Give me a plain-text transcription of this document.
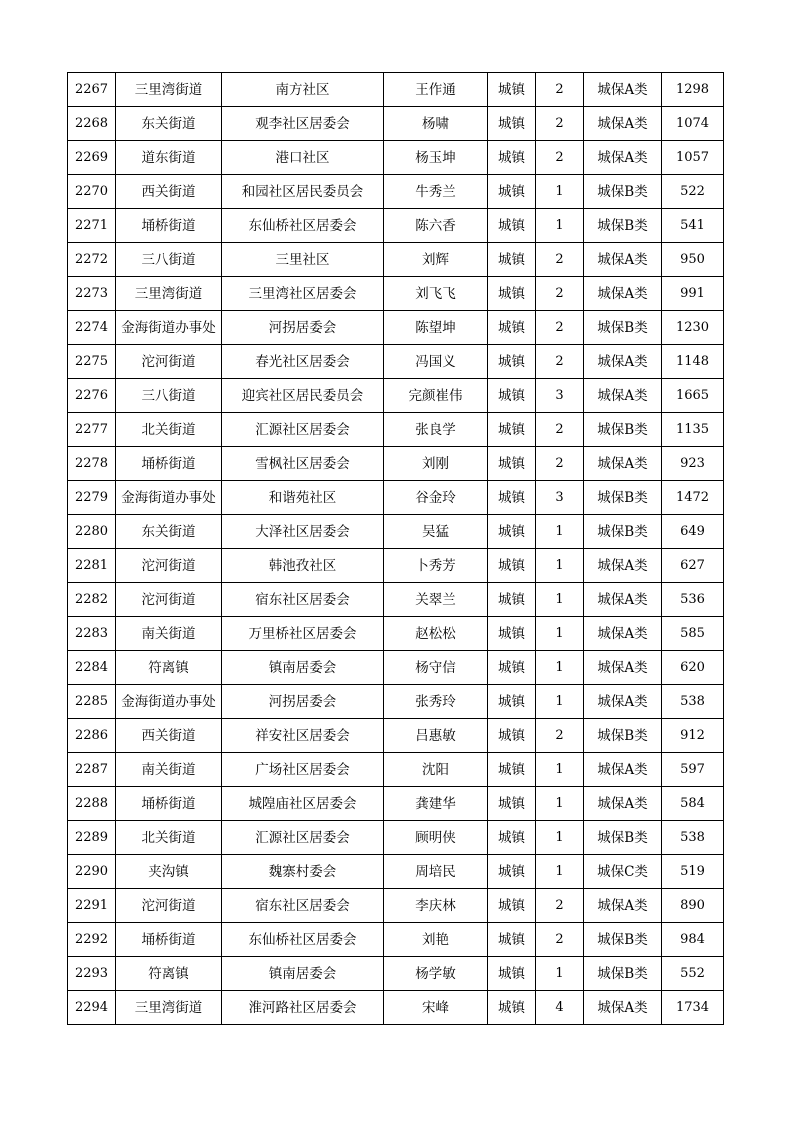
2267	三里湾街道	南方社区	王作通	城镇	2	城保A类	1298
2268	东关街道	观李社区居委会	杨啸	城镇	2	城保A类	1074
2269	道东街道	港口社区	杨玉坤	城镇	2	城保A类	1057
2270	西关街道	和园社区居民委员会	牛秀兰	城镇	1	城保B类	522
2271	埇桥街道	东仙桥社区居委会	陈六香	城镇	1	城保B类	541
2272	三八街道	三里社区	刘辉	城镇	2	城保A类	950
2273	三里湾街道	三里湾社区居委会	刘飞飞	城镇	2	城保A类	991
2274	金海街道办事处	河拐居委会	陈望坤	城镇	2	城保B类	1230
2275	沱河街道	春光社区居委会	冯国义	城镇	2	城保A类	1148
2276	三八街道	迎宾社区居民委员会	完颜崔伟	城镇	3	城保A类	1665
2277	北关街道	汇源社区居委会	张良学	城镇	2	城保B类	1135
2278	埇桥街道	雪枫社区居委会	刘刚	城镇	2	城保A类	923
2279	金海街道办事处	和谐苑社区	谷金玲	城镇	3	城保B类	1472
2280	东关街道	大泽社区居委会	吴猛	城镇	1	城保B类	649
2281	沱河街道	韩池孜社区	卜秀芳	城镇	1	城保A类	627
2282	沱河街道	宿东社区居委会	关翠兰	城镇	1	城保A类	536
2283	南关街道	万里桥社区居委会	赵松松	城镇	1	城保A类	585
2284	符离镇	镇南居委会	杨守信	城镇	1	城保A类	620
2285	金海街道办事处	河拐居委会	张秀玲	城镇	1	城保A类	538
2286	西关街道	祥安社区居委会	吕惠敏	城镇	2	城保B类	912
2287	南关街道	广场社区居委会	沈阳	城镇	1	城保A类	597
2288	埇桥街道	城隍庙社区居委会	龚建华	城镇	1	城保A类	584
2289	北关街道	汇源社区居委会	顾明侠	城镇	1	城保B类	538
2290	夹沟镇	魏寨村委会	周培民	城镇	1	城保C类	519
2291	沱河街道	宿东社区居委会	李庆林	城镇	2	城保A类	890
2292	埇桥街道	东仙桥社区居委会	刘艳	城镇	2	城保B类	984
2293	符离镇	镇南居委会	杨学敏	城镇	1	城保B类	552
2294	三里湾街道	淮河路社区居委会	宋峰	城镇	4	城保A类	1734
